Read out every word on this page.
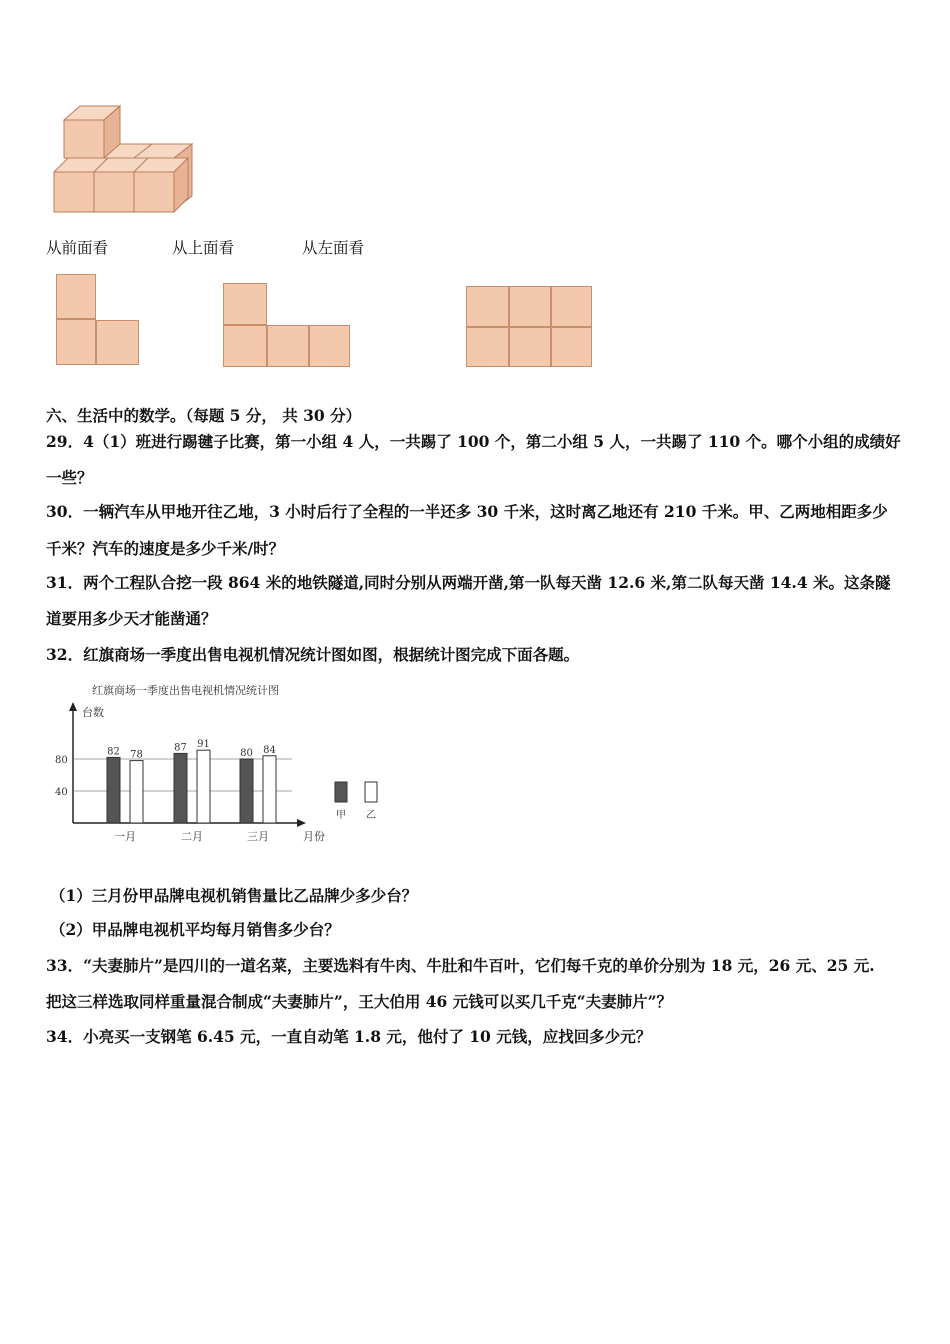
从前面看	从上面看	从左面看
六、生活中的数学。（每题 5 分， 共 30 分）
29．4（1）班进行踢毽子比赛，第一小组 4 人，一共踢了 100 个，第二小组 5 人，一共踢了 110 个。哪个小组的成绩好
一些？
30．一辆汽车从甲地开往乙地，3 小时后行了全程的一半还多 30 千米，这时离乙地还有 210 千米。甲、乙两地相距多少
千米？汽车的速度是多少千米/时？
31．两个工程队合挖一段 864 米的地铁隧道,同时分别从两端开凿,第一队每天凿 12.6 米,第二队每天凿 14.4 米。这条隧
道要用多少天才能凿通？
32．红旗商场一季度出售电视机情况统计图如图，根据统计图完成下面各题。
红旗商场一季度出售电视机情况统计图
台数
月份
40
80
82 78
一月
87 91
二月
80 84
三月
甲 乙
（1）三月份甲品牌电视机销售量比乙品牌少多少台？
（2）甲品牌电视机平均每月销售多少台？
33．“夫妻肺片”是四川的一道名菜，主要选料有牛肉、牛肚和牛百叶，它们每千克的单价分别为 18 元，26 元、25 元.
把这三样选取同样重量混合制成“夫妻肺片”，王大伯用 46 元钱可以买几千克“夫妻肺片”？
34．小亮买一支钢笔 6.45 元，一直自动笔 1.8 元，他付了 10 元钱，应找回多少元？
